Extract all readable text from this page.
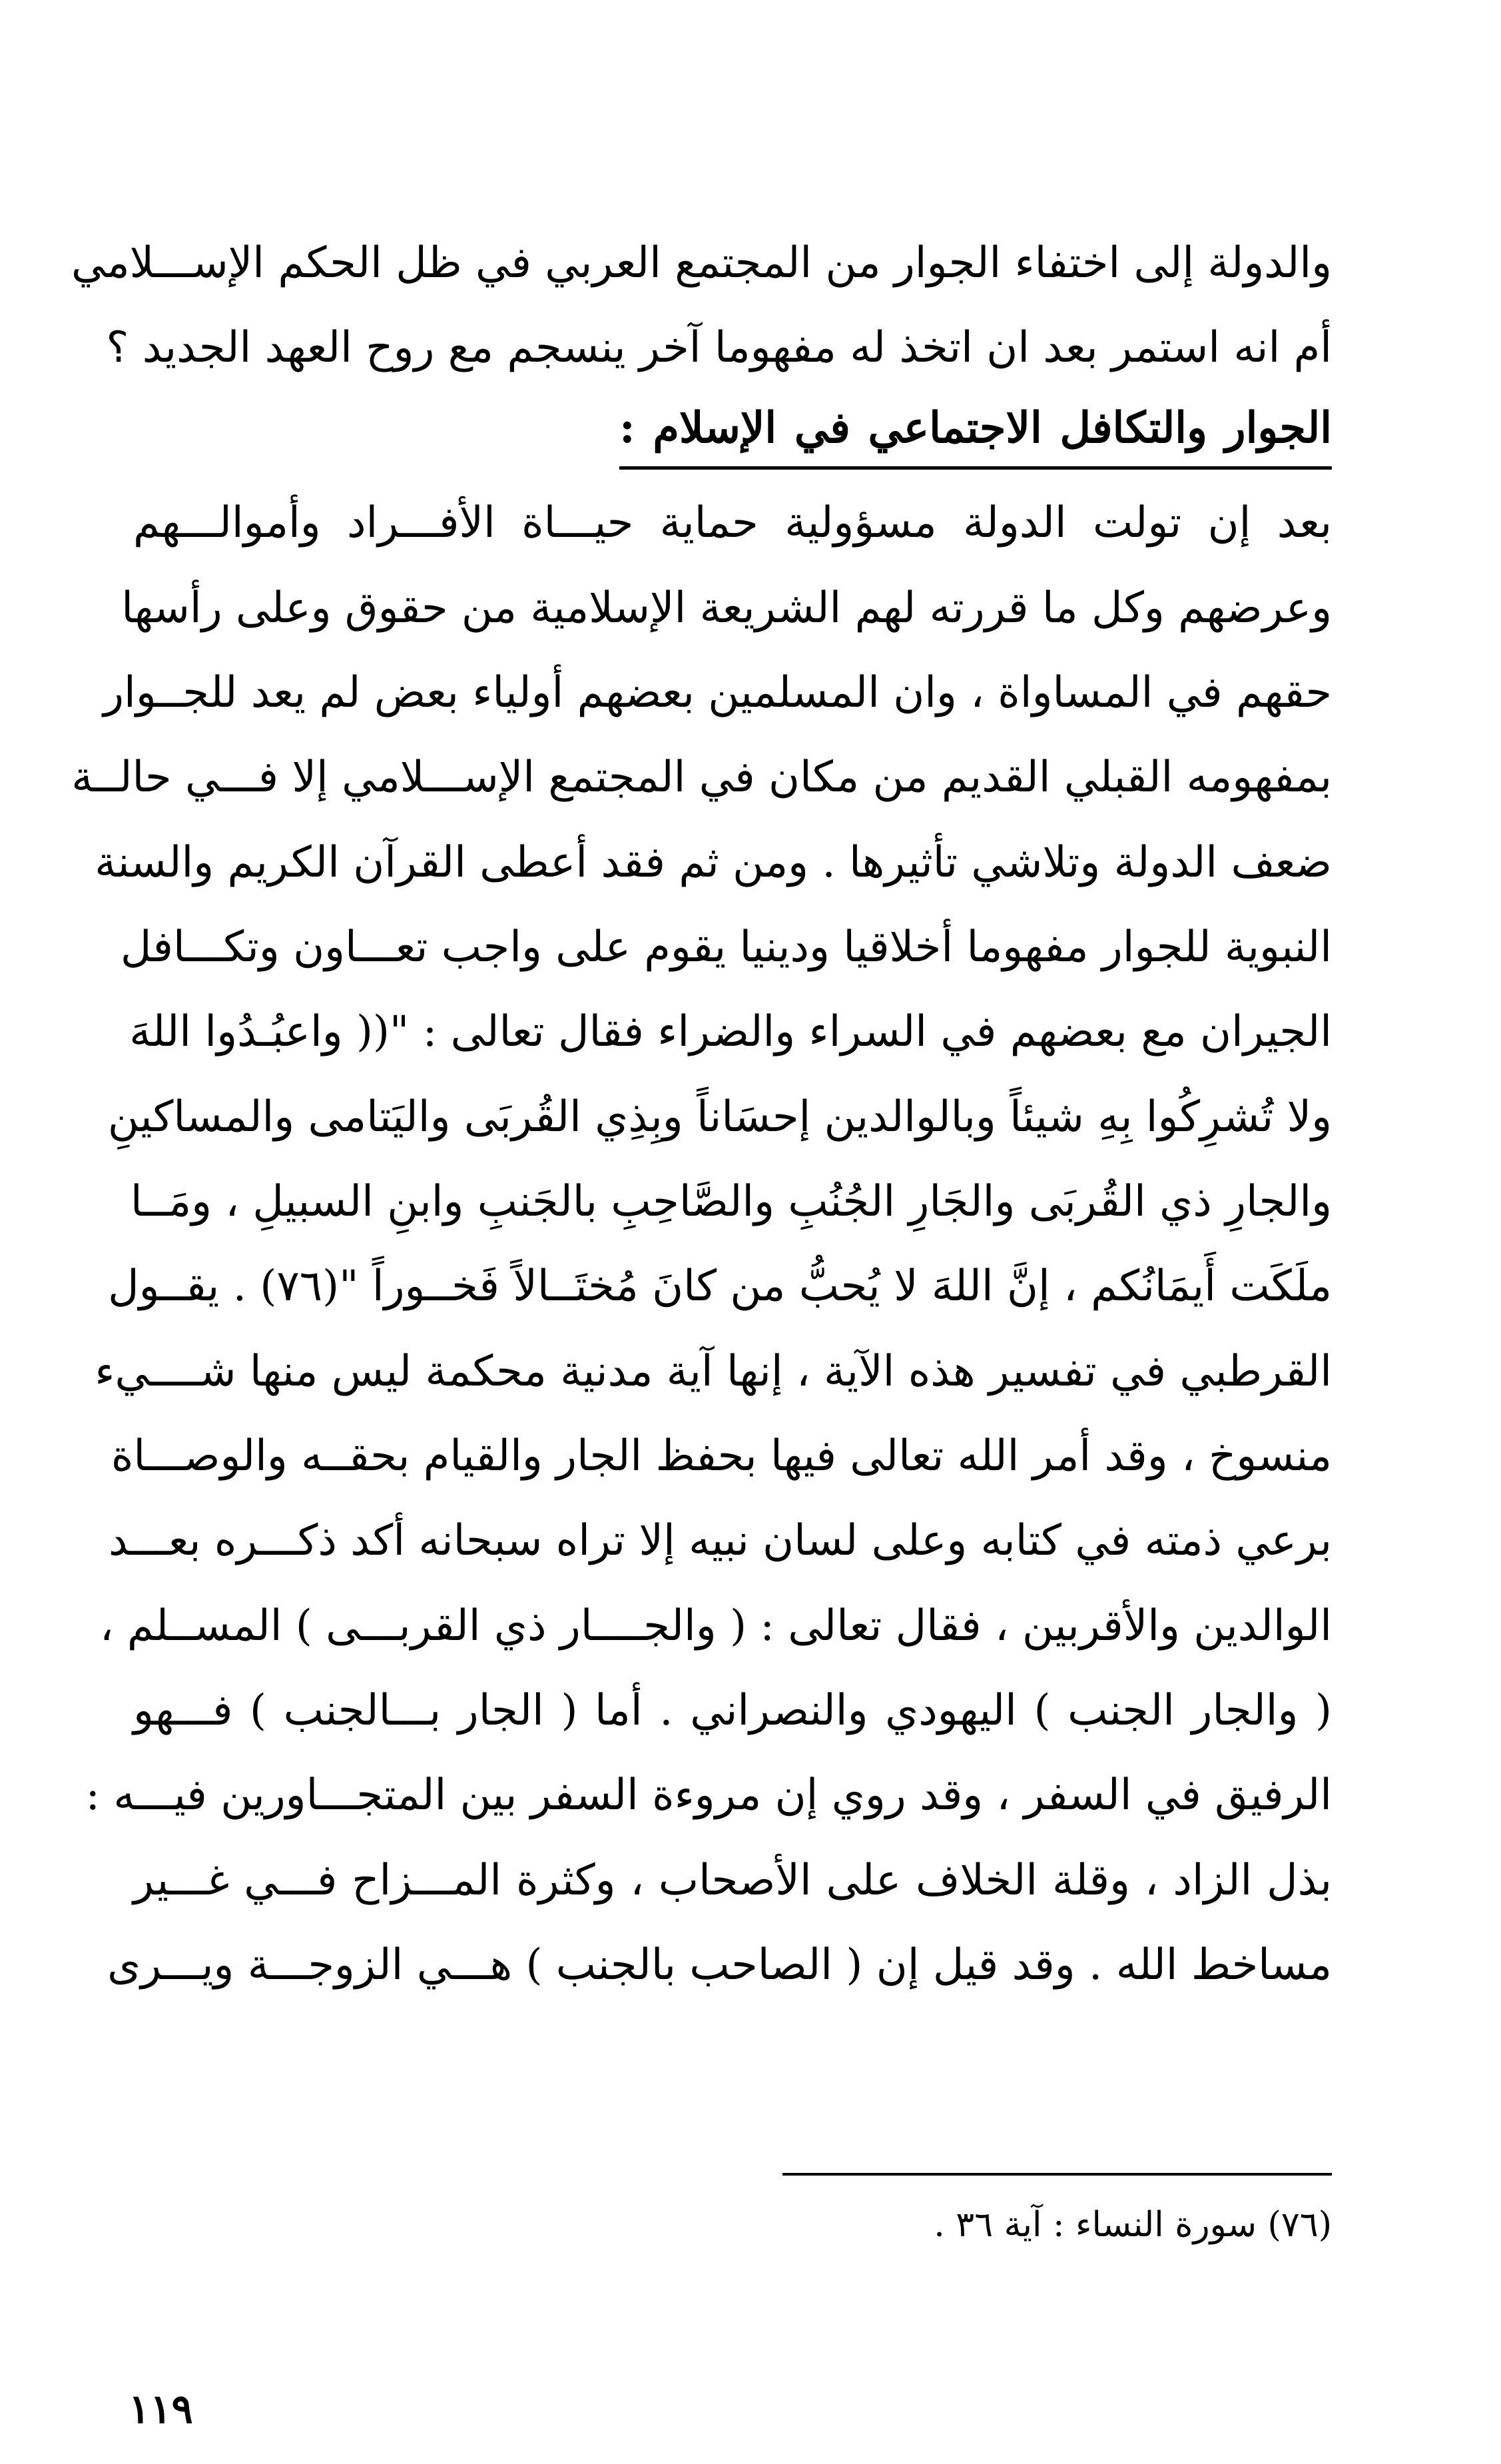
والدولة إلى اختفاء الجوار من المجتمع العربي في ظل الحكم الإســـلامي
أم انه استمر بعد ان اتخذ له مفهوما آخر ينسجم مع روح العهد الجديد ؟
الجوار والتكافل الاجتماعي في الإسلام :
بعد إن تولت الدولة مسؤولية حماية حيـــاة الأفـــراد وأموالـــهم
وعرضهم وكل ما قررته لهم الشريعة الإسلامية من حقوق وعلى رأسها
حقهم في المساواة ، وان المسلمين بعضهم أولياء بعض لم يعد للجــوار
بمفهومه القبلي القديم من مكان في المجتمع الإســـلامي إلا فـــي حالــة
ضعف الدولة وتلاشي تأثيرها . ومن ثم فقد أعطى القرآن الكريم والسنة
النبوية للجوار مفهوما أخلاقيا ودينيا يقوم على واجب تعـــاون وتكـــافل
الجيران مع بعضهم في السراء والضراء فقال تعالى : "(( واعبُـدُوا اللهَ
ولا تُشرِكُوا بِهِ شيئاً وبالوالدين إحسَاناً وبِذِي القُربَى واليَتامى والمساكينِ
والجارِ ذي القُربَى والجَارِ الجُنُبِ والصَّاحِبِ بالجَنبِ وابنِ السبيلِ ، ومَــا
ملَكَت أَيمَانُكم ، إنَّ اللهَ لا يُحبُّ من كانَ مُختَــالاً فَخــوراً "(٧٦) . يقــول
القرطبي في تفسير هذه الآية ، إنها آية مدنية محكمة ليس منها شــــيء
منسوخ ، وقد أمر الله تعالى فيها بحفظ الجار والقيام بحقــه والوصـــاة
برعي ذمته في كتابه وعلى لسان نبيه إلا تراه سبحانه أكد ذكـــره بعـــد
الوالدين والأقربين ، فقال تعالى : ( والجــــار ذي القربـــى ) المســلم ،
( والجار الجنب ) اليهودي والنصراني . أما ( الجار بـــالجنب ) فـــهو
الرفيق في السفر ، وقد روي إن مروءة السفر بين المتجـــاورين فيـــه :
بذل الزاد ، وقلة الخلاف على الأصحاب ، وكثرة المـــزاح فـــي غـــير
مساخط الله . وقد قيل إن ( الصاحب بالجنب ) هـــي الزوجـــة ويـــرى
(٧٦) سورة النساء : آية ٣٦ .
١١٩
